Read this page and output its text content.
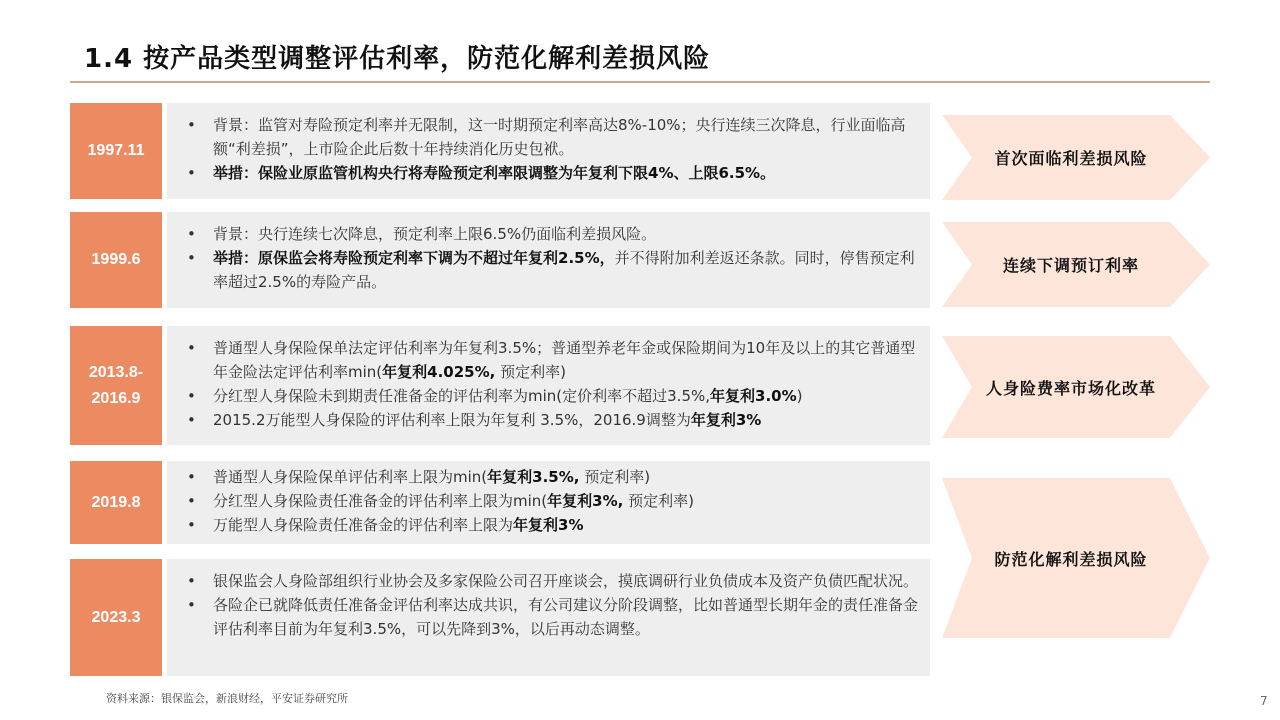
1.4 按产品类型调整评估利率，防范化解利差损风险
1997.11
•	背景：监管对寿险预定利率并无限制，这一时期预定利率高达8%-10%；央行连续三次降息，行业面临高额“利差损”，上市险企此后数十年持续消化历史包袱。
•	举措：保险业原监管机构央行将寿险预定利率限调整为年复利下限4%、上限6.5%。
1999.6
•	背景：央行连续七次降息，预定利率上限6.5%仍面临利差损风险。
•	举措：原保监会将寿险预定利率下调为不超过年复利2.5%，并不得附加利差返还条款。同时，停售预定利率超过2.5%的寿险产品。
2013.8-
2016.9
•	普通型人身保险保单法定评估利率为年复利3.5%；普通型养老年金或保险期间为10年及以上的其它普通型年金险法定评估利率min(年复利4.025%, 预定利率)
•	分红型人身保险未到期责任准备金的评估利率为min(定价利率不超过3.5%,年复利3.0%)
•	2015.2万能型人身保险的评估利率上限为年复利 3.5%，2016.9调整为年复利3%
2019.8
•	普通型人身保险保单评估利率上限为min(年复利3.5%, 预定利率)
•	分红型人身保险责任准备金的评估利率上限为min(年复利3%, 预定利率)
•	万能型人身保险责任准备金的评估利率上限为年复利3%
2023.3
•	银保监会人身险部组织行业协会及多家保险公司召开座谈会，摸底调研行业负债成本及资产负债匹配状况。
•	各险企已就降低责任准备金评估利率达成共识，有公司建议分阶段调整，比如普通型长期年金的责任准备金评估利率目前为年复利3.5%，可以先降到3%，以后再动态调整。
首次面临利差损风险
连续下调预订利率
人身险费率市场化改革
防范化解利差损风险
资料来源：银保监会，新浪财经，平安证券研究所	7
